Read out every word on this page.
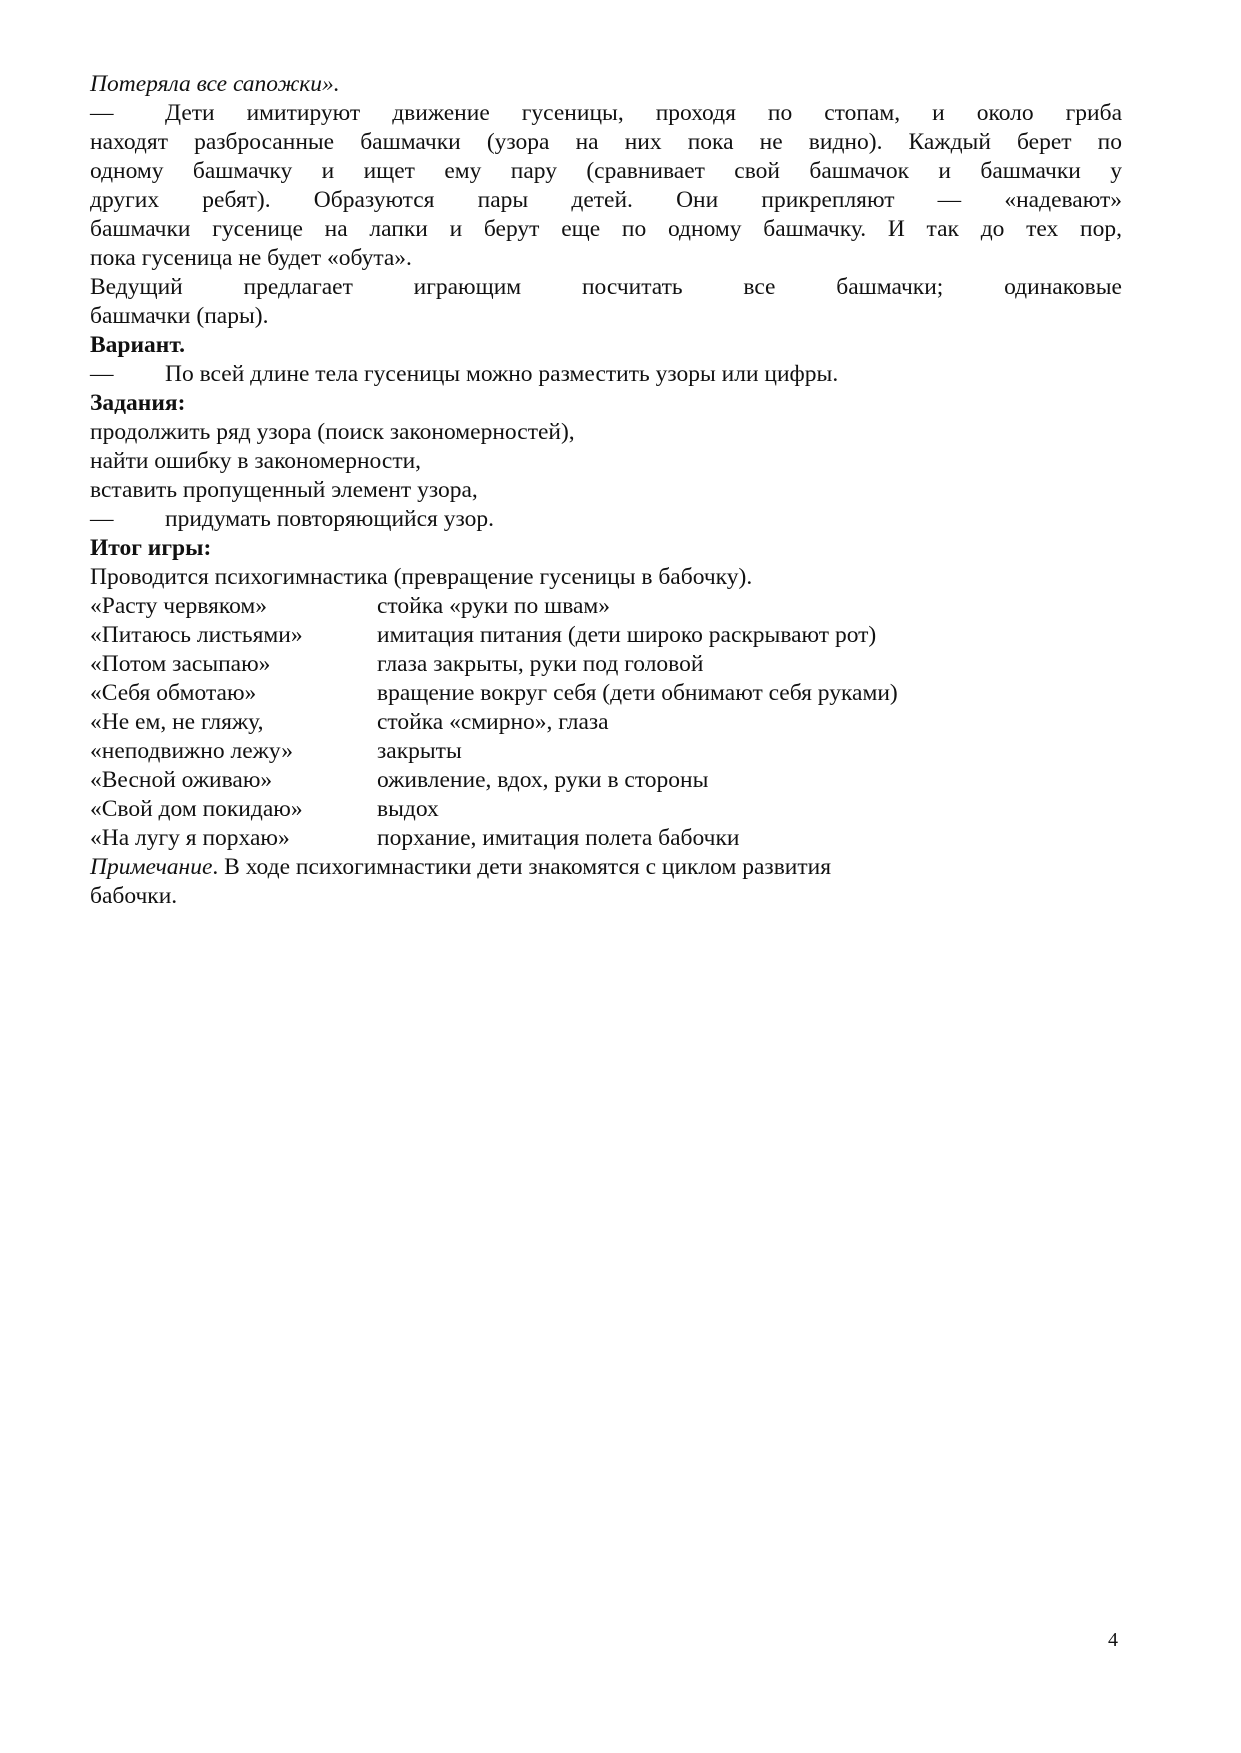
Потеряла все сапожки».
—	Дети имитируют движение гусеницы, проходя по стопам, и около гриба
находят разбросанные башмачки (узора на них пока не видно). Каждый берет по
одному башмачку и ищет ему пару (сравнивает свой башмачок и башмачки у
других ребят). Образуются пары детей. Они прикрепляют — «надевают»
башмачки гусенице на лапки и берут еще по одному башмачку. И так до тех пор,
пока гусеница не будет «обута».
Ведущий предлагает играющим посчитать все башмачки; одинаковые
башмачки (пары).
Вариант.
—	По всей длине тела гусеницы можно разместить узоры или цифры.
Задания:
продолжить ряд узора (поиск закономерностей),
найти ошибку в закономерности,
вставить пропущенный элемент узора,
—	придумать повторяющийся узор.
Итог игры:
Проводится психогимнастика (превращение гусеницы в бабочку).
«Расту червяком»	стойка «руки по швам»
«Питаюсь листьями»	имитация питания (дети широко раскрывают рот)
«Потом засыпаю»	глаза закрыты, руки под головой
«Себя обмотаю»	вращение вокруг себя (дети обнимают себя руками)
«Не ем, не гляжу,	стойка «смирно», глаза
«неподвижно лежу»	закрыты
«Весной оживаю»	оживление, вдох, руки в стороны
«Свой дом покидаю»	выдох
«На лугу я порхаю»	порхание, имитация полета бабочки
Примечание. В ходе психогимнастики дети знакомятся с циклом развития
бабочки.
4
